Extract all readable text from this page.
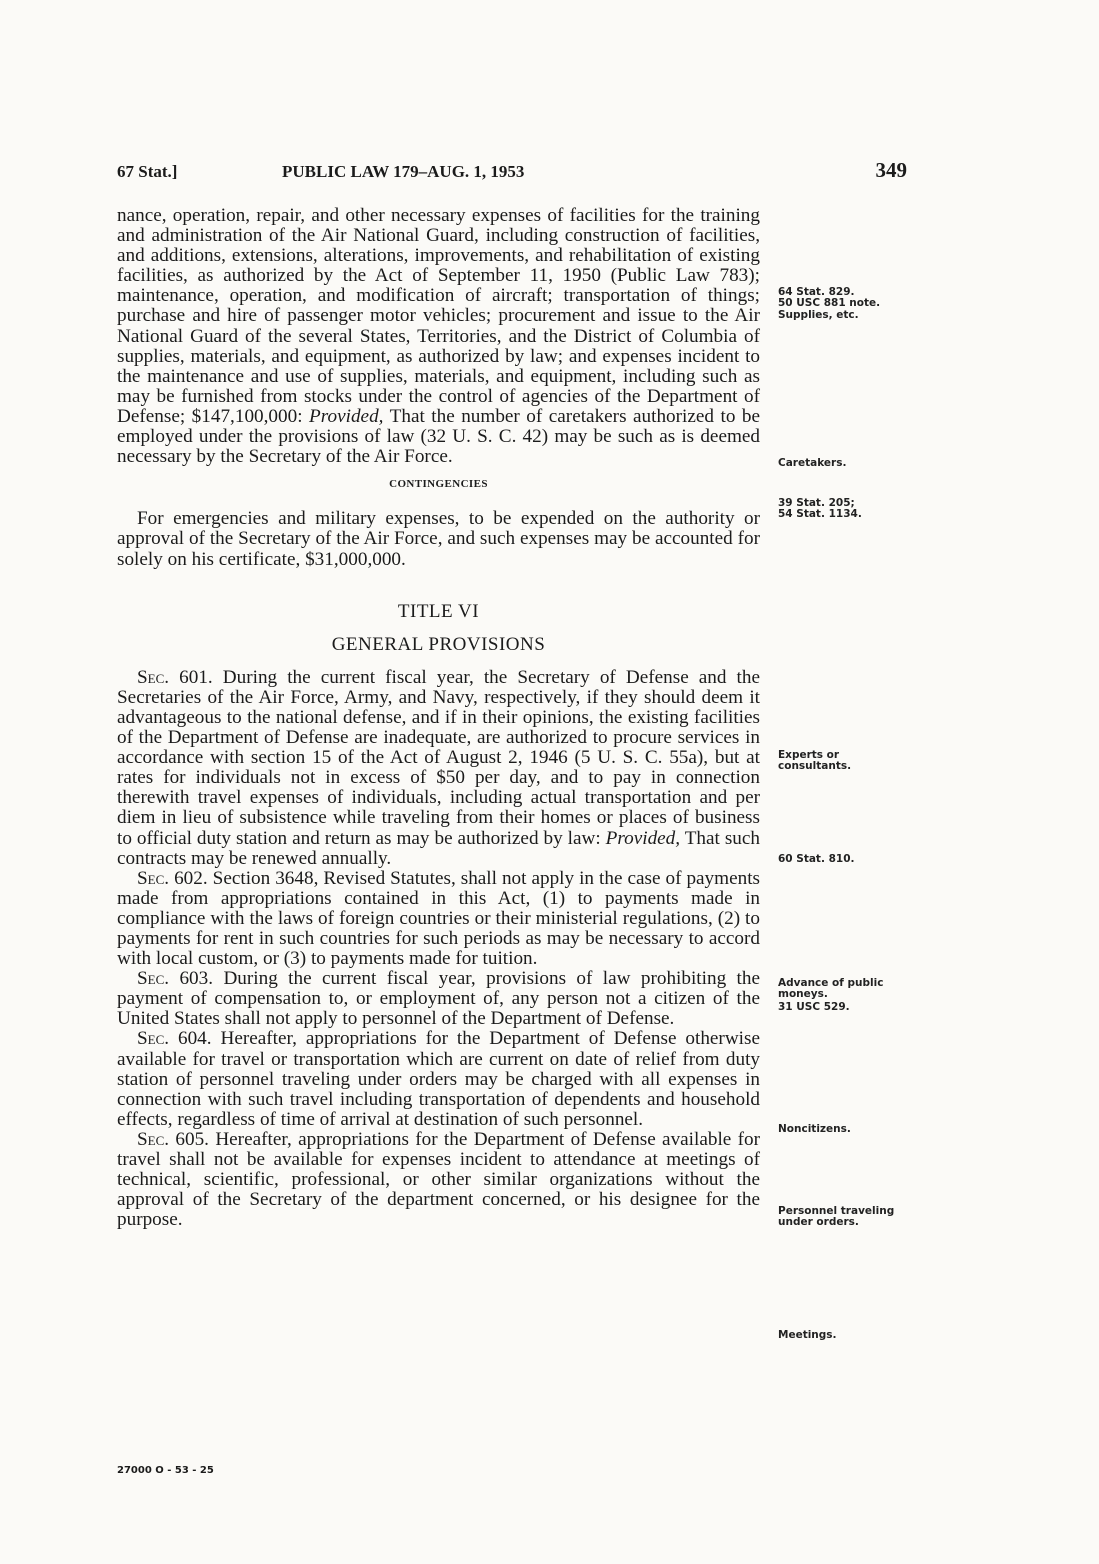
67 Stat.]	PUBLIC LAW 179–AUG. 1, 1953	349

nance, operation, repair, and other necessary expenses of facilities for the training and administration of the Air National Guard, including construction of facilities, and additions, extensions, alterations, improvements, and rehabilitation of existing facilities, as authorized by the Act of September 11, 1950 (Public Law 783); maintenance, operation, and modification of aircraft; transportation of things; purchase and hire of passenger motor vehicles; procurement and issue to the Air National Guard of the several States, Territories, and the District of Columbia of supplies, materials, and equipment, as authorized by law; and expenses incident to the maintenance and use of supplies, materials, and equipment, including such as may be furnished from stocks under the control of agencies of the Department of Defense; $147,100,000: Provided, That the number of caretakers authorized to be employed under the provisions of law (32 U. S. C. 42) may be such as is deemed necessary by the Secretary of the Air Force.

CONTINGENCIES

For emergencies and military expenses, to be expended on the authority or approval of the Secretary of the Air Force, and such expenses may be accounted for solely on his certificate, $31,000,000.

TITLE VI

GENERAL PROVISIONS

Sec. 601. During the current fiscal year, the Secretary of Defense and the Secretaries of the Air Force, Army, and Navy, respectively, if they should deem it advantageous to the national defense, and if in their opinions, the existing facilities of the Department of Defense are inadequate, are authorized to procure services in accordance with section 15 of the Act of August 2, 1946 (5 U. S. C. 55a), but at rates for individuals not in excess of $50 per day, and to pay in connection therewith travel expenses of individuals, including actual transportation and per diem in lieu of subsistence while traveling from their homes or places of business to official duty station and return as may be authorized by law: Provided, That such contracts may be renewed annually.

Sec. 602. Section 3648, Revised Statutes, shall not apply in the case of payments made from appropriations contained in this Act, (1) to payments made in compliance with the laws of foreign countries or their ministerial regulations, (2) to payments for rent in such countries for such periods as may be necessary to accord with local custom, or (3) to payments made for tuition.

Sec. 603. During the current fiscal year, provisions of law prohibiting the payment of compensation to, or employment of, any person not a citizen of the United States shall not apply to personnel of the Department of Defense.

Sec. 604. Hereafter, appropriations for the Department of Defense otherwise available for travel or transportation which are current on date of relief from duty station of personnel traveling under orders may be charged with all expenses in connection with such travel including transportation of dependents and household effects, regardless of time of arrival at destination of such personnel.

Sec. 605. Hereafter, appropriations for the Department of Defense available for travel shall not be available for expenses incident to attendance at meetings of technical, scientific, professional, or other similar organizations without the approval of the Secretary of the department concerned, or his designee for the purpose.

64 Stat. 829.
50 USC 881 note.
Supplies, etc.
Caretakers.
39 Stat. 205;
54 Stat. 1134.
Experts or consultants.
60 Stat. 810.
Advance of public moneys.
31 USC 529.
Noncitizens.
Personnel traveling under orders.
Meetings.
27000 O - 53 - 25
